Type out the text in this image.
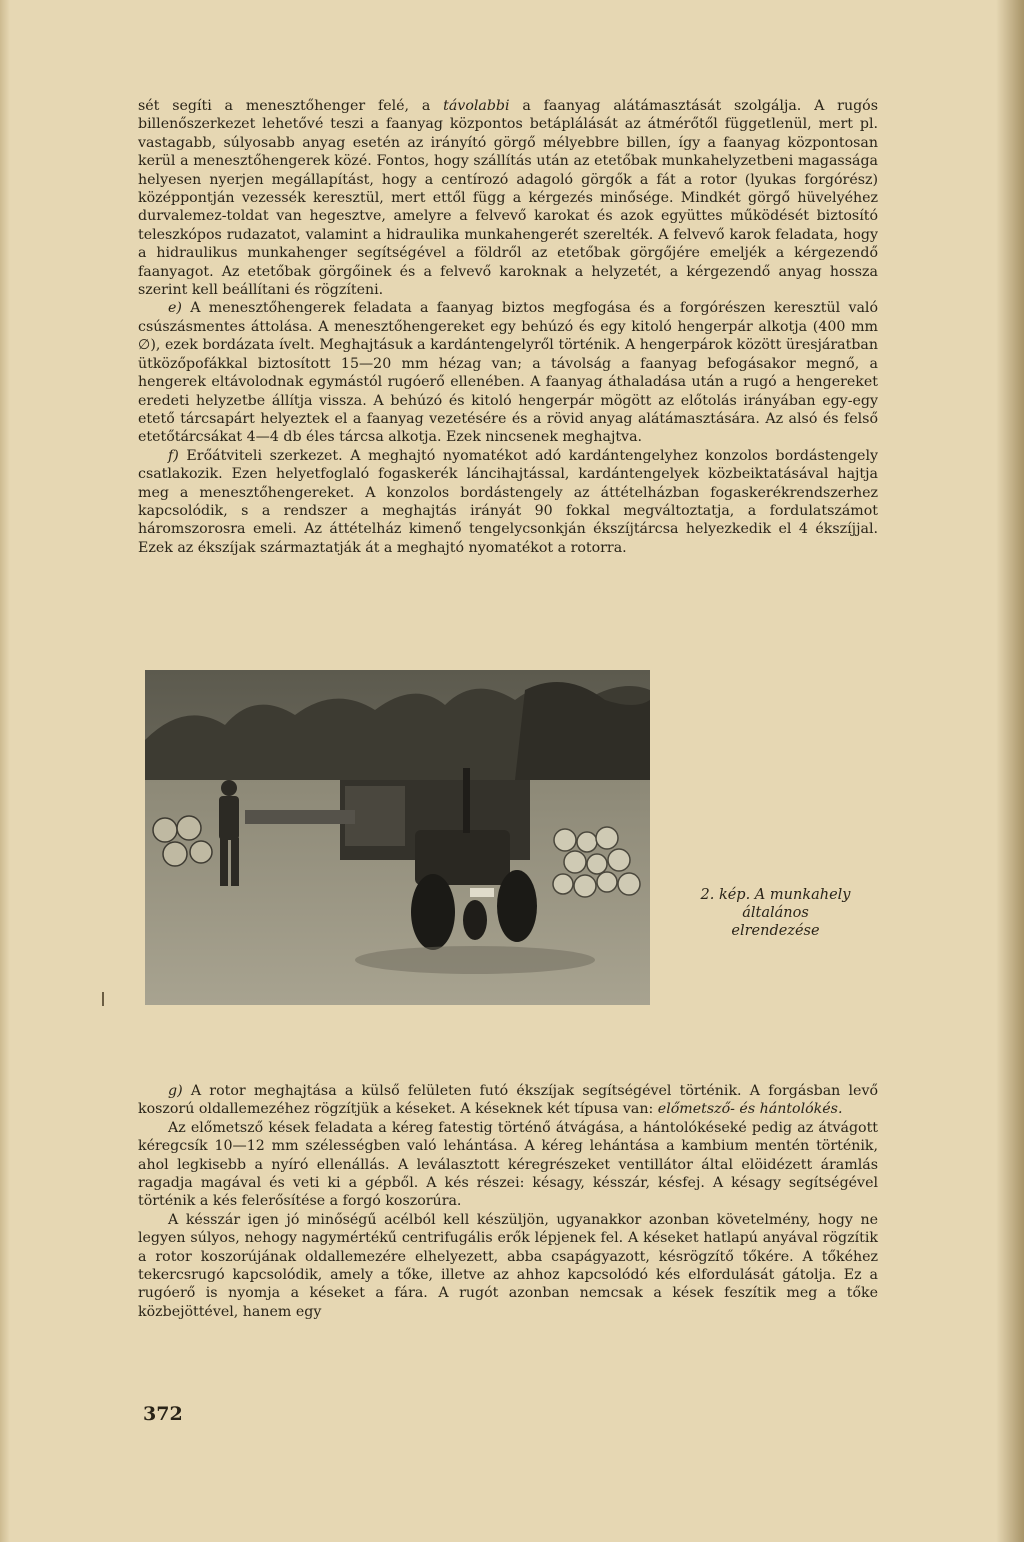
sét segíti a menesztőhenger felé, a távolabbi a faanyag alátámasztását szolgálja. A rugós billenőszerkezet lehetővé teszi a faanyag központos betáplálását az átmérőtől függetlenül, mert pl. vastagabb, súlyosabb anyag esetén az irányító görgő mélyebbre billen, így a faanyag központosan kerül a menesztőhengerek közé. Fontos, hogy szállítás után az etetőbak munkahelyzetbeni magassága helyesen nyerjen megállapítást, hogy a centírozó adagoló görgők a fát a rotor (lyukas forgórész) középpontján vezessék keresztül, mert ettől függ a kérgezés minősége. Mindkét görgő hüvelyéhez durvalemez-toldat van hegesztve, amelyre a felvevő karokat és azok együttes működését biztosító teleszkópos rudazatot, valamint a hidraulika munkahengerét szerelték. A felvevő karok feladata, hogy a hidraulikus munkahenger segítségével a földről az etetőbak görgőjére emeljék a kérgezendő faanyagot. Az etetőbak görgőinek és a felvevő karoknak a helyzetét, a kérgezendő anyag hossza szerint kell beállítani és rögzíteni.

e) A menesztőhengerek feladata a faanyag biztos megfogása és a forgórészen keresztül való csúszásmentes áttolása. A menesztőhengereket egy behúzó és egy kitoló hengerpár alkotja (400 mm ∅), ezek bordázata ívelt. Meghajtásuk a kardántengelyről történik. A hengerpárok között üresjáratban ütközőpofákkal biztosított 15—20 mm hézag van; a távolság a faanyag befogásakor megnő, a hengerek eltávolodnak egymástól rugóerő ellenében. A faanyag áthaladása után a rugó a hengereket eredeti helyzetbe állítja vissza. A behúzó és kitoló hengerpár mögött az előtolás irányában egy-egy etető tárcsapárt helyeztek el a faanyag vezetésére és a rövid anyag alátámasztására. Az alsó és felső etetőtárcsákat 4—4 db éles tárcsa alkotja. Ezek nincsenek meghajtva.

f) Erőátviteli szerkezet. A meghajtó nyomatékot adó kardántengelyhez konzolos bordástengely csatlakozik. Ezen helyetfoglaló fogaskerék láncihajtással, kardántengelyek közbeiktatásával hajtja meg a menesztőhengereket. A konzolos bordástengely az áttételházban fogaskerékrendszerhez kapcsolódik, s a rendszer a meghajtás irányát 90 fokkal megváltoztatja, a fordulatszámot háromszorosra emeli. Az áttételház kimenő tengelycsonkján ékszíjtárcsa helyezkedik el 4 ékszíjjal. Ezek az ékszíjak származtatják át a meghajtó nyomatékot a rotorra.

2. kép. A munkahely általános
elrendezése

g) A rotor meghajtása a külső felületen futó ékszíjak segítségével történik. A forgásban levő koszorú oldallemezéhez rögzítjük a késeket. A késeknek két típusa van: előmetsző- és hántolókés.

Az előmetsző kések feladata a kéreg fatestig történő átvágása, a hántolókéseké pedig az átvágott kéregcsík 10—12 mm szélességben való lehántása. A kéreg lehántása a kambium mentén történik, ahol legkisebb a nyíró ellenállás. A leválasztott kéregrészeket ventillátor által elöidézett áramlás ragadja magával és veti ki a gépből. A kés részei: késagy, késszár, késfej. A késagy segítségével történik a kés felerősítése a forgó koszorúra.

A késszár igen jó minőségű acélból kell készüljön, ugyanakkor azonban követelmény, hogy ne legyen súlyos, nehogy nagymértékű centrifugális erők lépjenek fel. A késeket hatlapú anyával rögzítik a rotor koszorújának oldallemezére elhelyezett, abba csapágyazott, késrögzítő tőkére. A tőkéhez tekercsrugó kapcsolódik, amely a tőke, illetve az ahhoz kapcsolódó kés elfordulását gátolja. Ez a rugóerő is nyomja a késeket a fára. A rugót azonban nemcsak a kések feszítik meg a tőke közbejöttével, hanem egy

372
